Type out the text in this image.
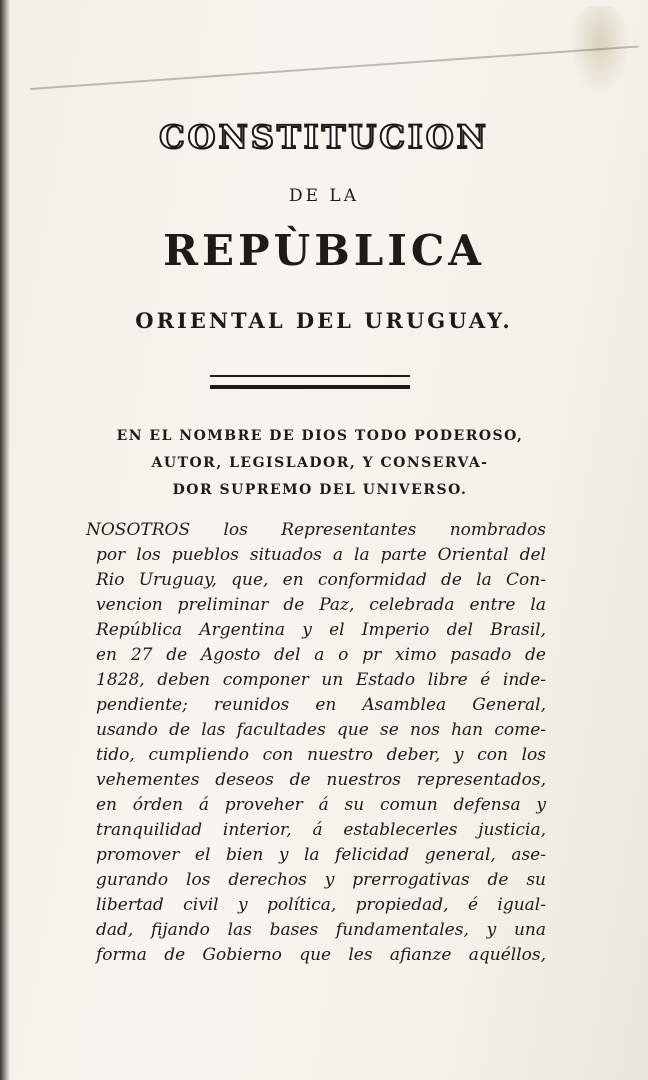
CONSTITUCION
DE LA
REPÙBLICA
ORIENTAL DEL URUGUAY.
EN EL NOMBRE DE DIOS TODO PODEROSO,
AUTOR, LEGISLADOR, Y CONSERVA-
DOR SUPREMO DEL UNIVERSO.
NOSOTROS los Representantes nombrados
por los pueblos situados a la parte Oriental del
Rio Uruguay, que, en conformidad de la Con-
vencion preliminar de Paz, celebrada entre la
República Argentina y el Imperio del Brasil,
en 27 de Agosto del a o pr ximo pasado de
1828, deben componer un Estado libre é inde-
pendiente; reunidos en Asamblea General,
usando de las facultades que se nos han come-
tido, cumpliendo con nuestro deber, y con los
vehementes deseos de nuestros representados,
en órden á proveher á su comun defensa y
tranquilidad interior, á establecerles justicia,
promover el bien y la felicidad general, ase-
gurando los derechos y prerrogativas de su
libertad civil y política, propiedad, é igual-
dad, fijando las bases fundamentales, y una
forma de Gobierno que les afianze aquéllos,
